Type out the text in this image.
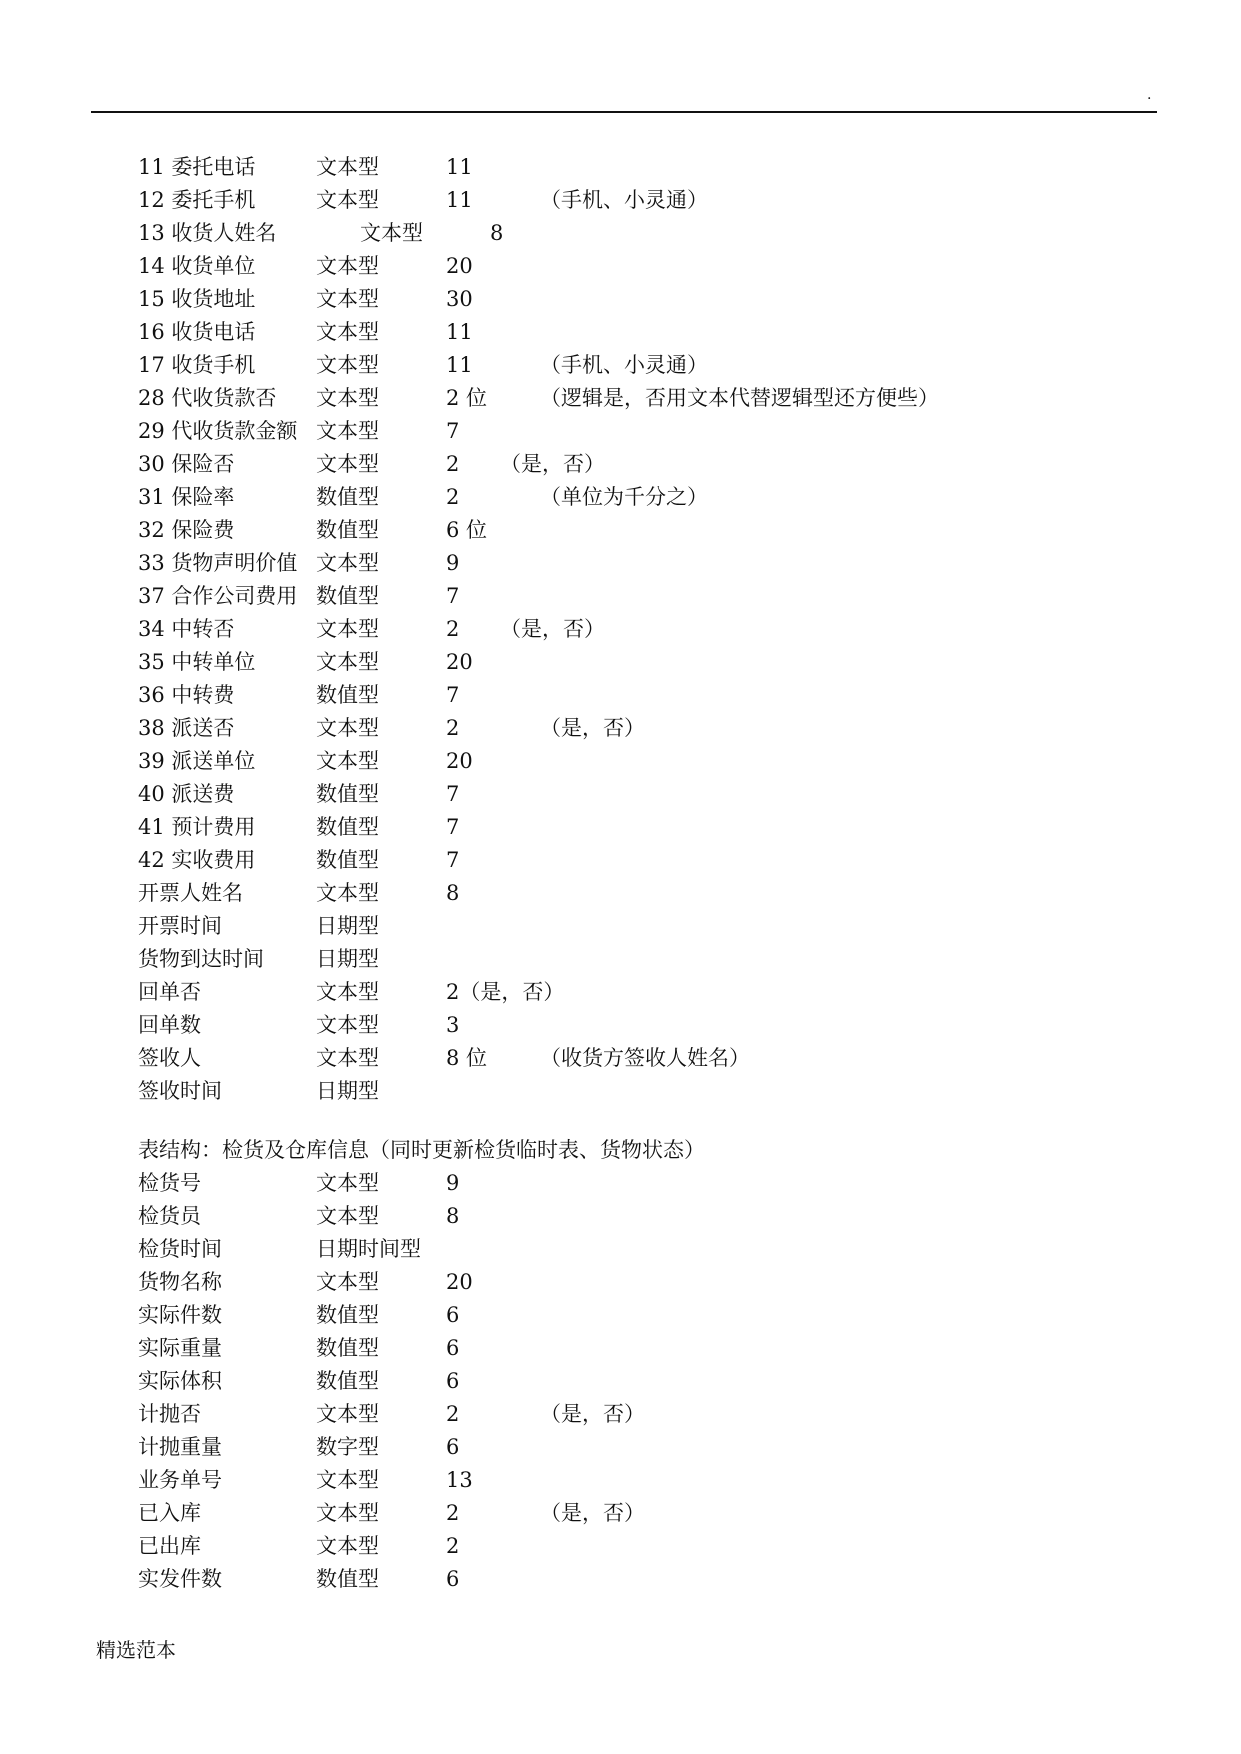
.
11 委托电话	文本型	11
12 委托手机	文本型	11	（手机、小灵通）
13 收货人姓名	文本型	8
14 收货单位	文本型	20
15 收货地址	文本型	30
16 收货电话	文本型	11
17 收货手机	文本型	11	（手机、小灵通）
28 代收货款否 文本型	2 位	（逻辑是，否用文本代替逻辑型还方便些）
29 代收货款金额 文本型	7
30 保险否	文本型	2 （是，否）
31 保险率	数值型	2	（单位为千分之）
32 保险费	数值型	6 位
33 货物声明价值 文本型	9
37 合作公司费用 数值型	7
34 中转否	文本型	2 （是，否）
35 中转单位	文本型	20
36 中转费	数值型	7
38 派送否	文本型	2	（是，否）
39 派送单位	文本型	20
40 派送费	数值型	7
41 预计费用	数值型	7
42 实收费用	数值型	7
开票人姓名	文本型	8
开票时间	日期型
货物到达时间 日期型
回单否	文本型	2（是，否）
回单数	文本型	3
签收人	文本型	8 位	（收货方签收人姓名）
签收时间	日期型
表结构：检货及仓库信息（同时更新检货临时表、货物状态）
检货号	文本型	9
检货员	文本型	8
检货时间	日期时间型
货物名称	文本型	20
实际件数	数值型	6
实际重量	数值型	6
实际体积	数值型	6
计抛否	文本型	2	（是，否）
计抛重量	数字型	6
业务单号	文本型	13
已入库	文本型	2	（是，否）
已出库	文本型	2
实发件数	数值型	6
精选范本
